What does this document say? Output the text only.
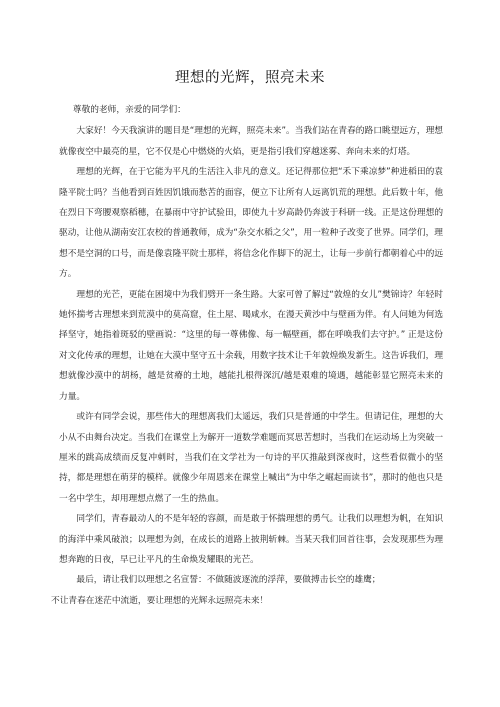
理想的光辉，照亮未来

尊敬的老师，亲爱的同学们：

大家好！今天我演讲的题目是“理想的光辉，照亮未来”。当我们站在青春的路口眺望远方，理想就像夜空中最亮的星，它不仅是心中燃烧的火焰，更是指引我们穿越迷雾、奔向未来的灯塔。

理想的光辉，在于它能为平凡的生活注入非凡的意义。还记得那位把“禾下乘凉梦”种进稻田的袁隆平院士吗？当他看到百姓因饥饿而愁苦的面容，便立下让所有人远离饥荒的理想。此后数十年，他在烈日下弯腰观察稻穗，在暴雨中守护试验田，即使九十岁高龄仍奔波于科研一线。正是这份理想的驱动，让他从湖南安江农校的普通教师，成为“杂交水稻之父”，用一粒种子改变了世界。同学们，理想不是空洞的口号，而是像袁隆平院士那样，将信念化作脚下的泥土，让每一步前行都朝着心中的远方。

理想的光芒，更能在困境中为我们劈开一条生路。大家可曾了解过“敦煌的女儿”樊锦诗？年轻时她怀揣考古理想来到荒漠中的莫高窟，住土屋、喝咸水，在漫天黄沙中与壁画为伴。有人问她为何选择坚守，她指着斑驳的壁画说：“这里的每一尊佛像、每一幅壁画，都在呼唤我们去守护。” 正是这份对文化传承的理想，让她在大漠中坚守五十余载，用数字技术让千年敦煌焕发新生。这告诉我们，理想就像沙漠中的胡杨，越是贫瘠的土地，越能扎根得深沉/越是艰难的境遇，越能彰显它照亮未来的力量。

或许有同学会说，那些伟大的理想离我们太遥远，我们只是普通的中学生。但请记住，理想的大小从不由舞台决定。当我们在课堂上为解开一道数学难题而冥思苦想时，当我们在运动场上为突破一厘米的跳高成绩而反复冲刺时，当我们在文学社为一句诗的平仄推敲到深夜时，这些看似微小的坚持，都是理想在萌芽的模样。就像少年周恩来在课堂上喊出“为中华之崛起而读书”，那时的他也只是一名中学生，却用理想点燃了一生的热血。

同学们，青春最动人的不是年轻的容颜，而是敢于怀揣理想的勇气。让我们以理想为帆，在知识的海洋中乘风破浪；以理想为剑，在成长的道路上披荆斩棘。当某天我们回首往事，会发现那些为理想奔跑的日夜，早已让平凡的生命焕发耀眼的光芒。

最后，请让我们以理想之名宣誓：不做随波逐流的浮萍，要做搏击长空的雄鹰；

不让青春在迷茫中流逝，要让理想的光辉永远照亮未来！
